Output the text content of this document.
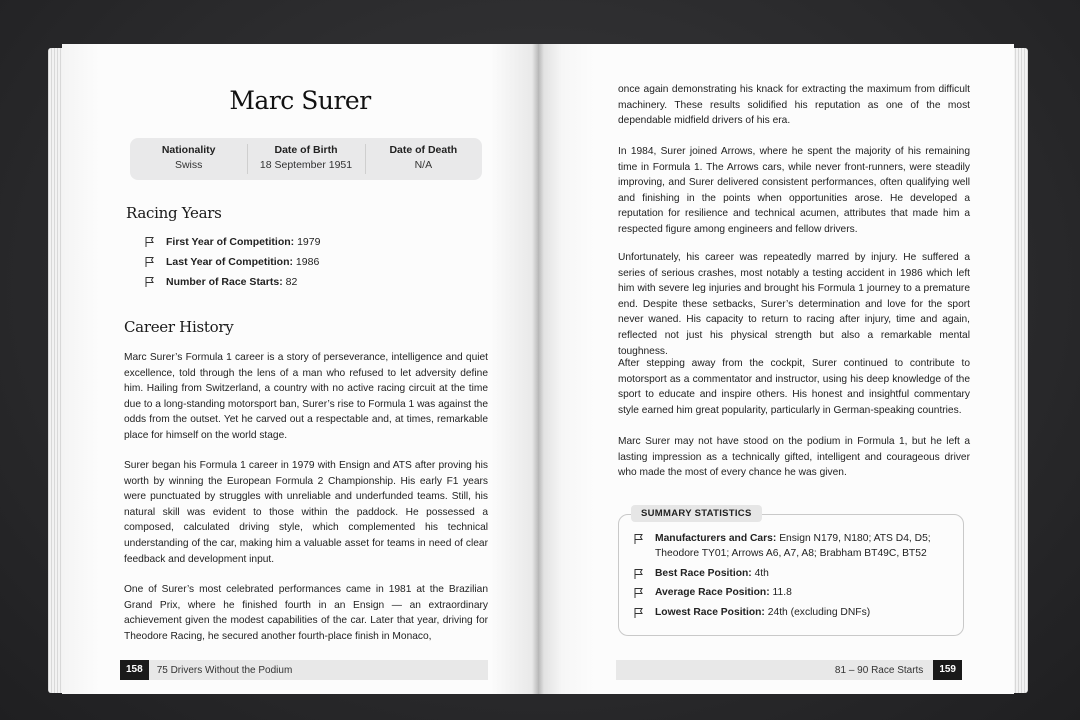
Marc Surer
Nationality
Swiss
Date of Birth
18 September 1951
Date of Death
N/A
Racing Years
First Year of Competition:
1979
Last Year of Competition:
1986
Number of Race Starts:
82
Career History

Marc Surer’s Formula 1 career is a story of perseverance, intelligence and quiet excellence, told through the lens of a man who refused to let adversity define him. Hailing from Switzerland, a country with no active racing circuit at the time due to a long-standing motorsport ban, Surer’s rise to Formula 1 was against the odds from the outset. Yet he carved out a respectable and, at times, remarkable place for himself on the world stage.

Surer began his Formula 1 career in 1979 with Ensign and ATS after proving his worth by winning the European Formula 2 Championship. His early F1 years were punctuated by struggles with unreliable and underfunded teams. Still, his natural skill was evident to those within the paddock. He possessed a composed, calculated driving style, which complemented his technical understanding of the car, making him a valuable asset for teams in need of clear feedback and development input.

One of Surer’s most celebrated performances came in 1981 at the Brazilian Grand Prix, where he finished fourth in an Ensign — an extraordinary achievement given the modest capabilities of the car. Later that year, driving for Theodore Racing, he secured another fourth-place finish in Monaco,

158	75 Drivers Without the Podium

once again demonstrating his knack for extracting the maximum from difficult machinery. These results solidified his reputation as one of the most dependable midfield drivers of his era.

In 1984, Surer joined Arrows, where he spent the majority of his remaining time in Formula 1. The Arrows cars, while never front-runners, were steadily improving, and Surer delivered consistent performances, often qualifying well and finishing in the points when opportunities arose. He developed a reputation for resilience and technical acumen, attributes that made him a respected figure among engineers and fellow drivers.

Unfortunately, his career was repeatedly marred by injury. He suffered a series of serious crashes, most notably a testing accident in 1986 which left him with severe leg injuries and brought his Formula 1 journey to a premature end. Despite these setbacks, Surer’s determination and love for the sport never waned. His capacity to return to racing after injury, time and again, reflected not just his physical strength but also a remarkable mental toughness.

After stepping away from the cockpit, Surer continued to contribute to motorsport as a commentator and instructor, using his deep knowledge of the sport to educate and inspire others. His honest and insightful commentary style earned him great popularity, particularly in German-speaking countries.

Marc Surer may not have stood on the podium in Formula 1, but he left a lasting impression as a technically gifted, intelligent and courageous driver who made the most of every chance he was given.

SUMMARY STATISTICS
Manufacturers and Cars: Ensign N179, N180; ATS D4, D5; Theodore TY01; Arrows A6, A7, A8; Brabham BT49C, BT52
Best Race Position: 4th
Average Race Position: 11.8
Lowest Race Position: 24th (excluding DNFs)
81 – 90 Race Starts	159
